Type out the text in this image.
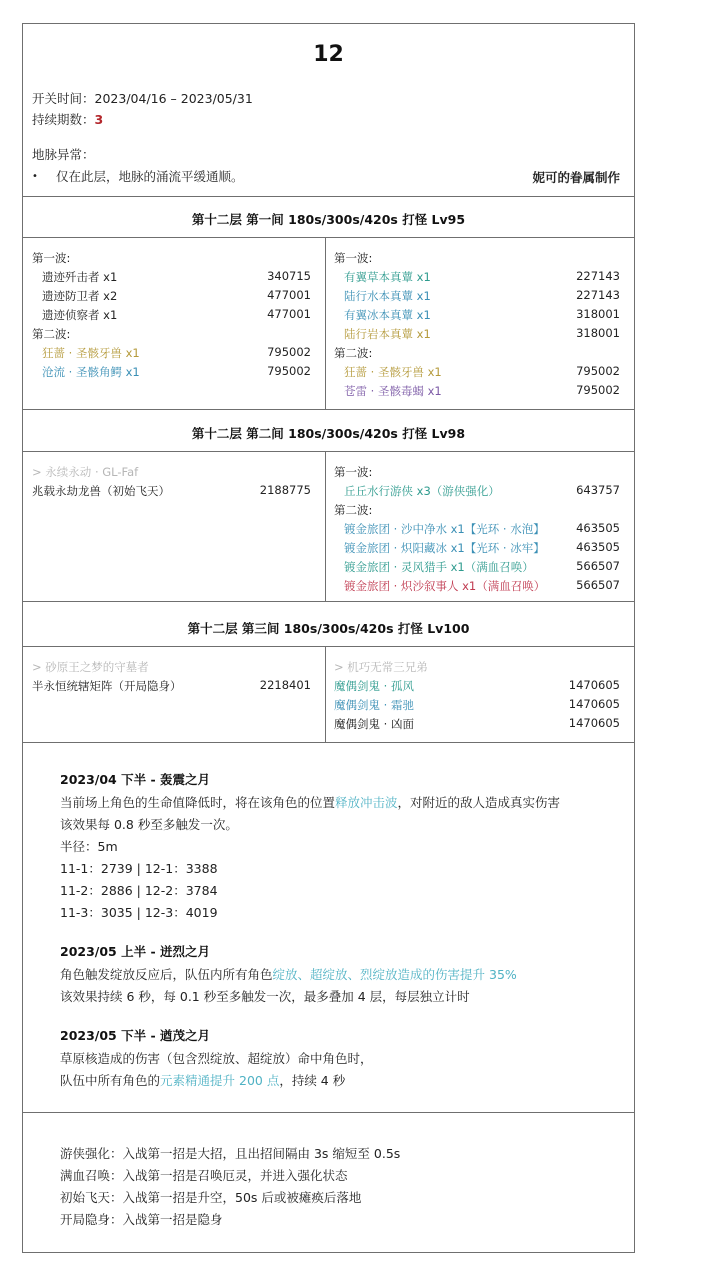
12
开关时间：2023/04/16 – 2023/05/31
持续期数：3
地脉异常：
• 仅在此层，地脉的涌流平缓通顺。	妮可的眷属制作
第十二层 第一间 180s/300s/420s 打怪 Lv95
第一波:
遗迹歼击者 x1	340715
遗迹防卫者 x2	477001
遗迹侦察者 x1	477001
第二波:
狂蔷 · 圣骸牙兽 x1	795002
沧流 · 圣骸角鳄 x1	795002
第一波:
有翼草本真蕈 x1	227143
陆行水本真蕈 x1	227143
有翼冰本真蕈 x1	318001
陆行岩本真蕈 x1	318001
第二波:
狂蔷 · 圣骸牙兽 x1	795002
苍雷 · 圣骸毒蝎 x1	795002
第十二层 第二间 180s/300s/420s 打怪 Lv98
> 永续永动 · GL-Faf
兆载永劫龙兽（初始飞天）	2188775
第一波:
丘丘水行游侠 x3（游侠强化）	643757
第二波:
镀金旅团 · 沙中净水 x1【光环 · 水泡】	463505
镀金旅团 · 炽阳藏冰 x1【光环 · 冰牢】	463505
镀金旅团 · 灵风猎手 x1（满血召唤）	566507
镀金旅团 · 炽沙叙事人 x1（满血召唤）	566507
第十二层 第三间 180s/300s/420s 打怪 Lv100
> 砂原王之梦的守墓者
半永恒统辖矩阵（开局隐身）	2218401
> 机巧无常三兄弟
魔偶剑鬼 · 孤风	1470605
魔偶剑鬼 · 霜驰	1470605
魔偶剑鬼 · 凶面	1470605
2023/04 下半 - 轰震之月
当前场上角色的生命值降低时，将在该角色的位置释放冲击波，对附近的敌人造成真实伤害
该效果每 0.8 秒至多触发一次。
半径：5m
11-1：2739 | 12-1：3388
11-2：2886 | 12-2：3784
11-3：3035 | 12-3：4019
2023/05 上半 - 迸烈之月
角色触发绽放反应后，队伍内所有角色绽放、超绽放、烈绽放造成的伤害提升 35%
该效果持续 6 秒，每 0.1 秒至多触发一次，最多叠加 4 层，每层独立计时
2023/05 下半 - 遒茂之月
草原核造成的伤害（包含烈绽放、超绽放）命中角色时，
队伍中所有角色的元素精通提升 200 点，持续 4 秒
游侠强化：入战第一招是大招，且出招间隔由 3s 缩短至 0.5s
满血召唤：入战第一招是召唤厄灵，并进入强化状态
初始飞天：入战第一招是升空，50s 后或被瘫痪后落地
开局隐身：入战第一招是隐身
